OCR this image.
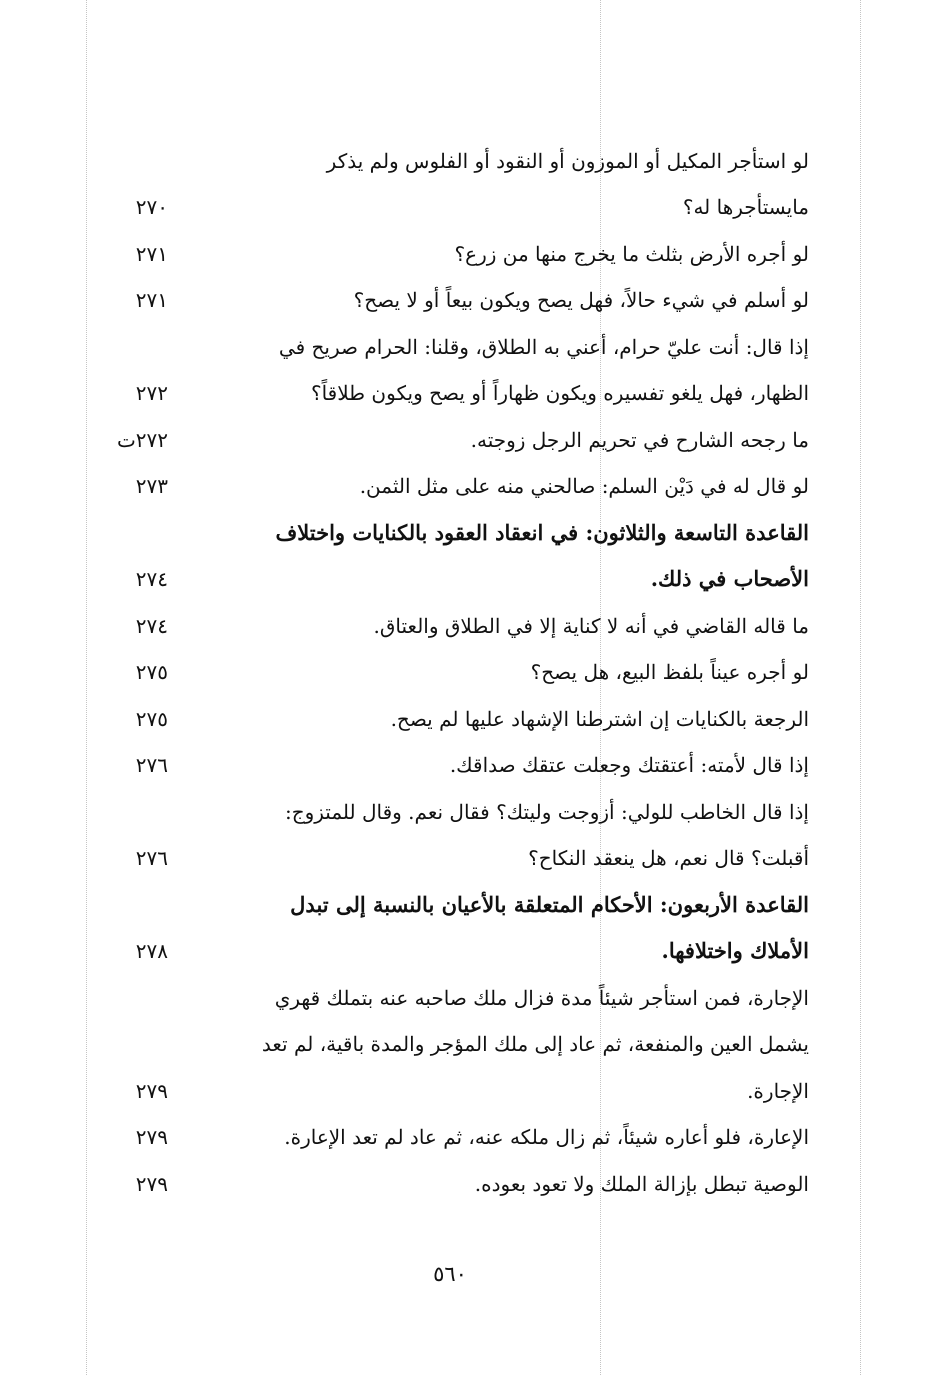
لو استأجر المكيل أو الموزون أو النقود أو الفلوس ولم يذكر
مايستأجرها له؟
٢٧٠
لو أجره الأرض بثلث ما يخرج منها من زرع؟
٢٧١
لو أسلم في شيء حالاً، فهل يصح ويكون بيعاً أو لا يصح؟
٢٧١
إذا قال: أنت عليّ حرام، أعني به الطلاق، وقلنا: الحرام صريح في
الظهار، فهل يلغو تفسيره ويكون ظهاراً أو يصح ويكون طلاقاً؟
٢٧٢
ما رجحه الشارح في تحريم الرجل زوجته.
٢٧٢ت
لو قال له في دَيْن السلم: صالحني منه على مثل الثمن.
٢٧٣
القاعدة التاسعة والثلاثون: في انعقاد العقود بالكنايات واختلاف
الأصحاب في ذلك.
٢٧٤
ما قاله القاضي في أنه لا كناية إلا في الطلاق والعتاق.
٢٧٤
لو أجره عيناً بلفظ البيع، هل يصح؟
٢٧٥
الرجعة بالكنايات إن اشترطنا الإشهاد عليها لم يصح.
٢٧٥
إذا قال لأمته: أعتقتك وجعلت عتقك صداقك.
٢٧٦
إذا قال الخاطب للولي: أزوجت وليتك؟ فقال نعم. وقال للمتزوج:
أقبلت؟ قال نعم، هل ينعقد النكاح؟
٢٧٦
القاعدة الأربعون: الأحكام المتعلقة بالأعيان بالنسبة إلى تبدل
الأملاك واختلافها.
٢٧٨
الإجارة، فمن استأجر شيئاً مدة فزال ملك صاحبه عنه بتملك قهري
يشمل العين والمنفعة، ثم عاد إلى ملك المؤجر والمدة باقية، لم تعد
الإجارة.
٢٧٩
الإعارة، فلو أعاره شيئاً، ثم زال ملكه عنه، ثم عاد لم تعد الإعارة.
٢٧٩
الوصية تبطل بإزالة الملك ولا تعود بعوده.
٢٧٩
٥٦٠
